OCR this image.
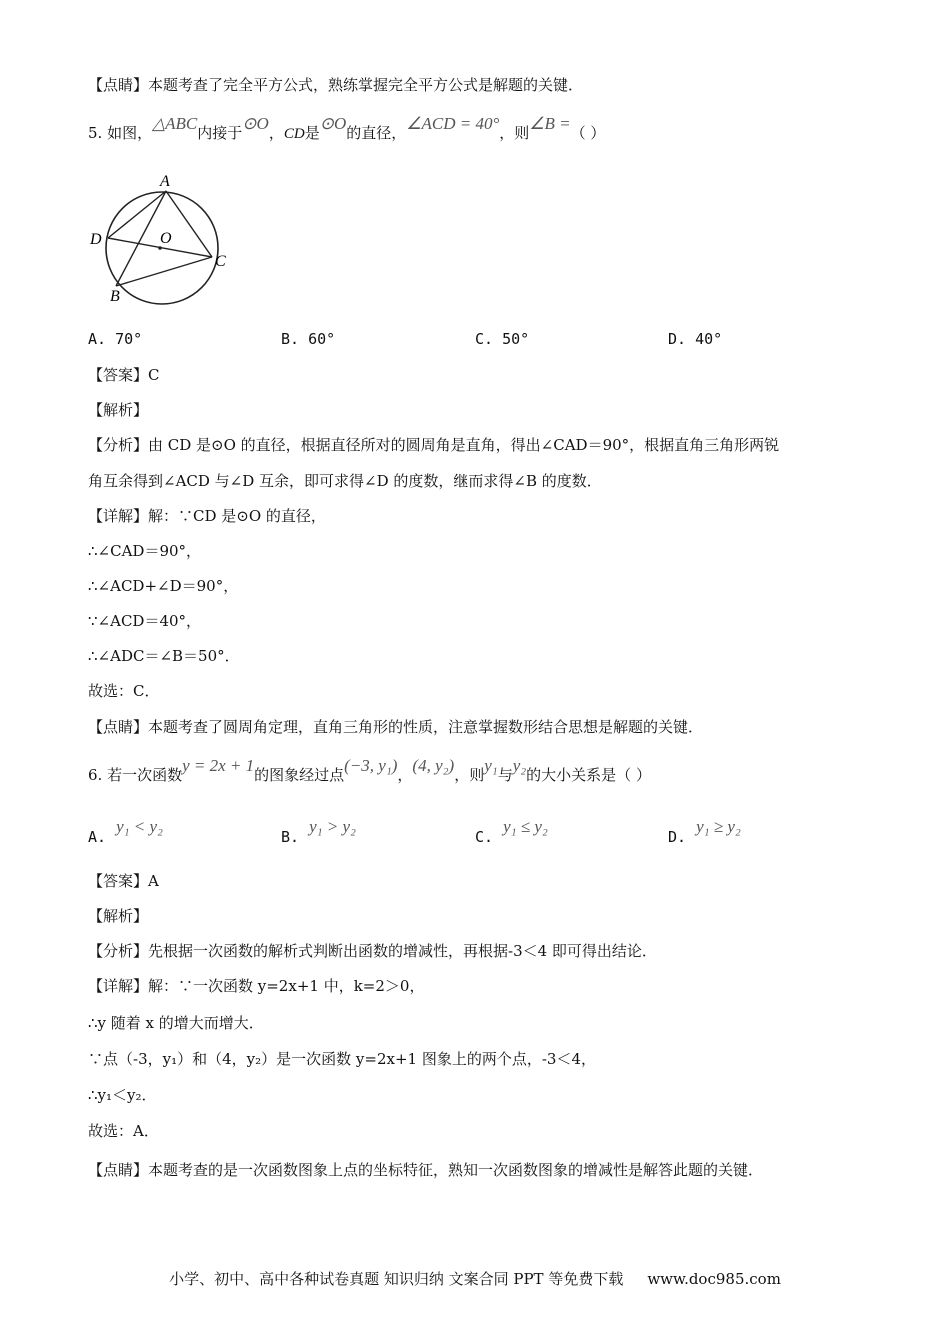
【点睛】本题考查了完全平方公式，熟练掌握完全平方公式是解题的关键．
5. 如图，△ABC内接于⊙O，CD是⊙O的直径，∠ACD = 40°，则∠B =（ ）
A
D	O
C
B
A. 70°	B. 60°	C. 50°	D. 40°
【答案】C
【解析】
【分析】由 CD 是⊙O 的直径，根据直径所对的圆周角是直角，得出∠CAD＝90°，根据直角三角形两锐
角互余得到∠ACD 与∠D 互余，即可求得∠D 的度数，继而求得∠B 的度数．
【详解】解：∵CD 是⊙O 的直径，
∴∠CAD＝90°，
∴∠ACD+∠D＝90°，
∵∠ACD＝40°，
∴∠ADC＝∠B＝50°．
故选：C．
【点睛】本题考查了圆周角定理，直角三角形的性质，注意掌握数形结合思想是解题的关键．
6. 若一次函数y = 2x + 1的图象经过点(−3, y₁)，(4, y₂)，则y₁与y₂的大小关系是（ ）
A.y₁ < y₂
B.y₁ > y₂
C.y₁ ≤ y₂
D.y₁ ≥ y₂
【答案】A
【解析】
【分析】先根据一次函数的解析式判断出函数的增减性，再根据-3＜4 即可得出结论．
【详解】解：∵一次函数 y=2x+1 中，k=2＞0，
∴y 随着 x 的增大而增大．
∵点（-3，y₁）和（4，y₂）是一次函数 y=2x+1 图象上的两个点，-3＜4，
∴y₁＜y₂．
故选：A．
【点睛】本题考查的是一次函数图象上点的坐标特征，熟知一次函数图象的增减性是解答此题的关键．
小学、初中、高中各种试卷真题 知识归纳 文案合同 PPT 等免费下载 www.doc985.com
